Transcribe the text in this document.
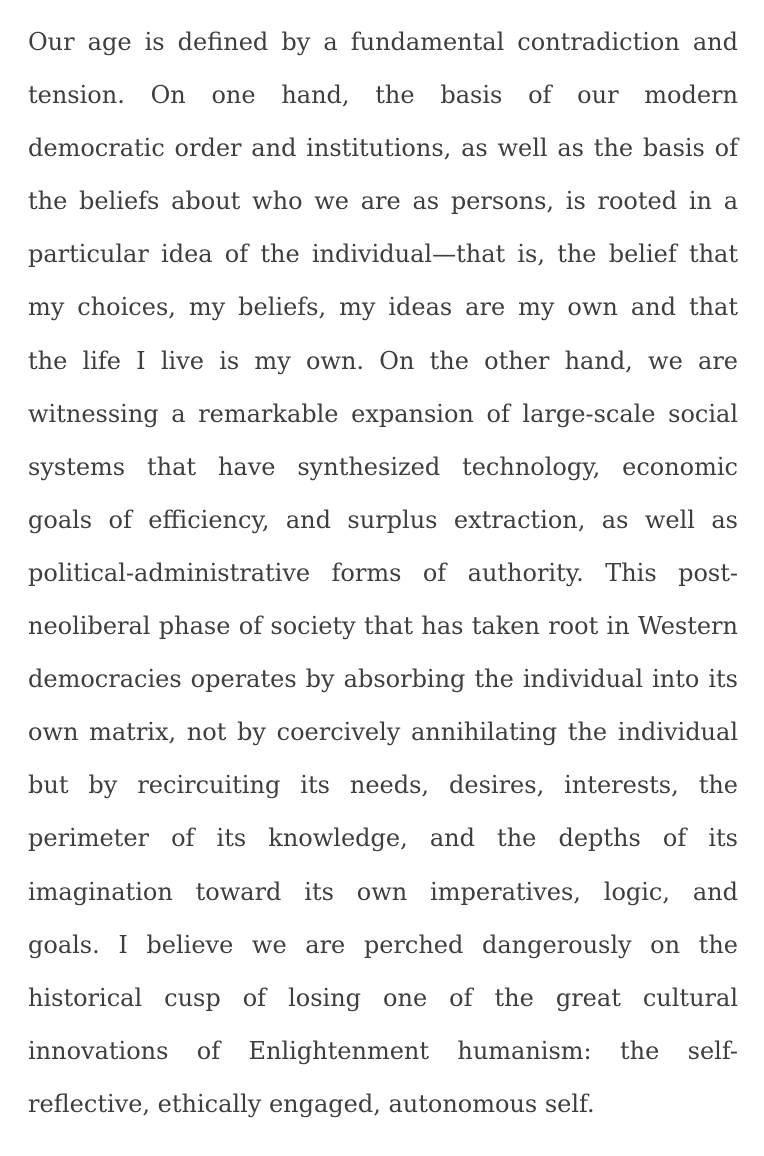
Our age is defined by a fundamental contradiction and
tension. On one hand, the basis of our modern
democratic order and institutions, as well as the basis of
the beliefs about who we are as persons, is rooted in a
particular idea of the individual—that is, the belief that
my choices, my beliefs, my ideas are my own and that
the life I live is my own. On the other hand, we are
witnessing a remarkable expansion of large-scale social
systems that have synthesized technology, economic
goals of efficiency, and surplus extraction, as well as
political-administrative forms of authority. This post-
neoliberal phase of society that has taken root in Western
democracies operates by absorbing the individual into its
own matrix, not by coercively annihilating the individual
but by recircuiting its needs, desires, interests, the
perimeter of its knowledge, and the depths of its
imagination toward its own imperatives, logic, and
goals. I believe we are perched dangerously on the
historical cusp of losing one of the great cultural
innovations of Enlightenment humanism: the self-
reflective, ethically engaged, autonomous self.
